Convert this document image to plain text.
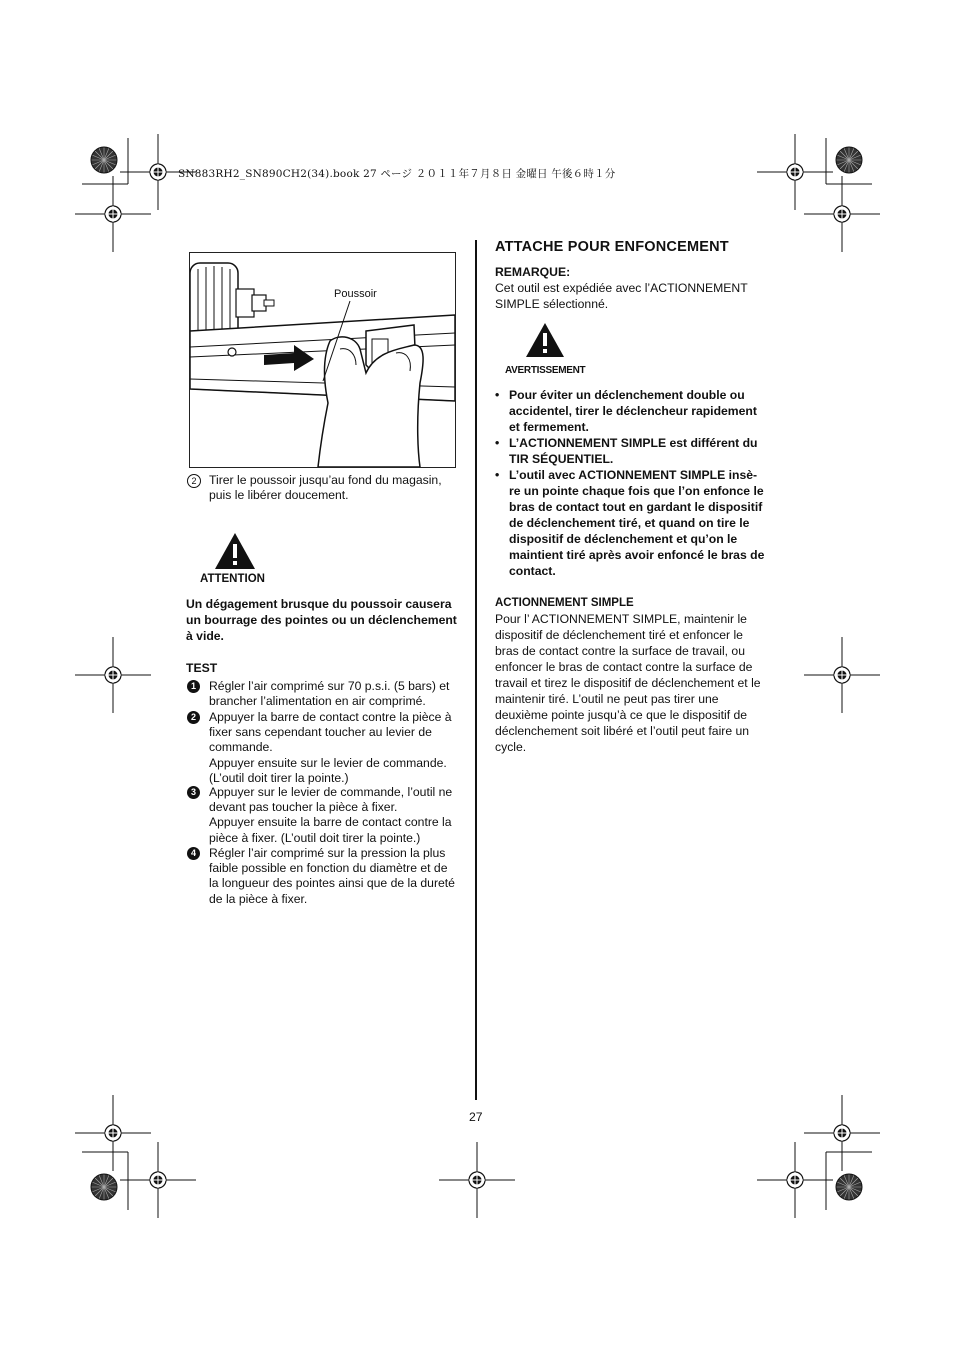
SN883RH2_SN890CH2(34).book 27 ページ ２０１１年７月８日 金曜日 午後６時１分
Poussoir
2	Tirer le poussoir jusqu’au fond du magasin, puis le libérer doucement.
ATTENTION
Un dégagement brusque du poussoir causera un bourrage des pointes ou un déclenchement à vide.
TEST
1	Régler l’air comprimé sur 70 p.s.i. (5 bars) et brancher l’alimentation en air comprimé.
2	Appuyer la barre de contact contre la pièce à fixer sans cependant toucher au levier de commande.
Appuyer ensuite sur le levier de commande. (L’outil doit tirer la pointe.)
3	Appuyer sur le levier de commande, l’outil ne devant pas toucher la pièce à fixer.
Appuyer ensuite la barre de contact contre la pièce à fixer. (L’outil doit tirer la pointe.)
4	Régler l’air comprimé sur la pression la plus faible possible en fonction du diamètre et de la longueur des pointes ainsi que de la dureté de la pièce à fixer.
ATTACHE POUR ENFONCEMENT
REMARQUE:
Cet outil est expédiée avec l’ACTIONNEMENT SIMPLE sélectionné.
AVERTISSEMENT
• Pour éviter un déclenchement double ou accidentel, tirer le déclencheur rapidement et fermement.
• L’ACTIONNEMENT SIMPLE est différent du TIR SÉQUENTIEL.
• L’outil avec ACTIONNEMENT SIMPLE insè-re un pointe chaque fois que l’on enfonce le bras de contact tout en gardant le dispositif de déclenchement tiré, et quand on tire le dispositif de déclenchement et qu’on le maintient tiré après avoir enfoncé le bras de contact.
ACTIONNEMENT SIMPLE
Pour l’ ACTIONNEMENT SIMPLE, maintenir le dispositif de déclenchement tiré et enfoncer le bras de contact contre la surface de travail, ou enfoncer le bras de contact contre la surface de travail et tirez le dispositif de déclenchement et le maintenir tiré. L’outil ne peut pas tirer une deuxième pointe jusqu’à ce que le dispositif de déclenchement soit libéré et l’outil peut faire un cycle.
27
